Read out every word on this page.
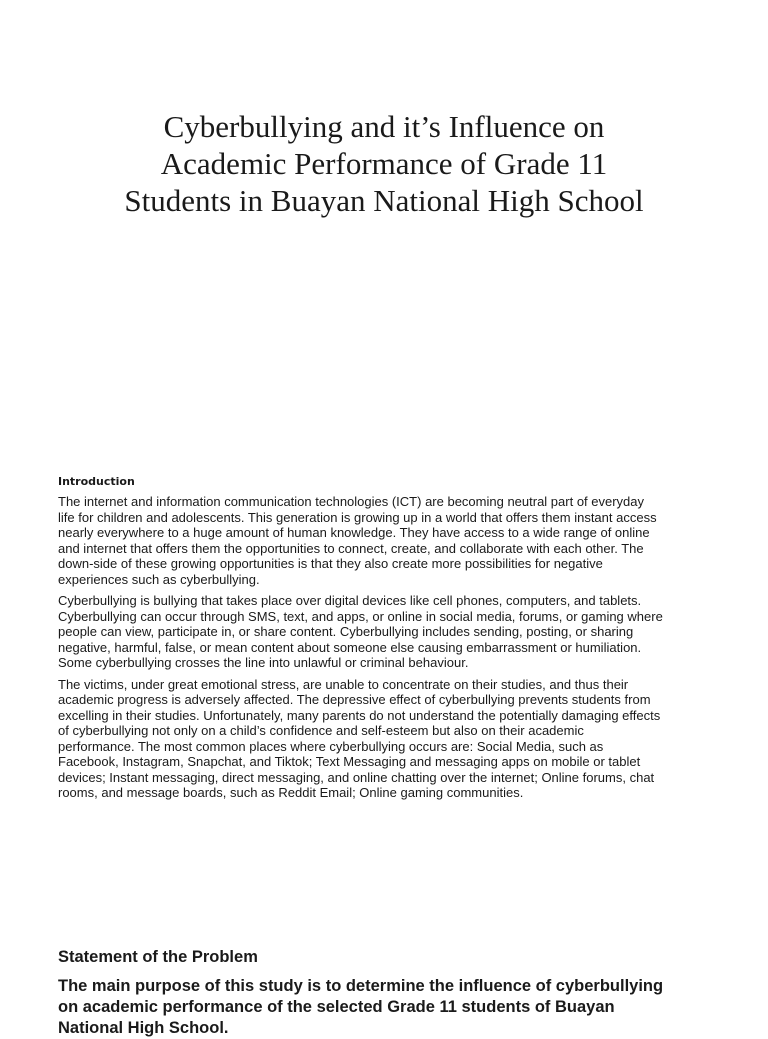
Cyberbullying and it’s Influence on
Academic Performance of Grade 11
Students in Buayan National High School
Introduction

The internet and information communication technologies (ICT) are becoming neutral part of everyday
life for children and adolescents. This generation is growing up in a world that offers them instant access
nearly everywhere to a huge amount of human knowledge. They have access to a wide range of online
and internet that offers them the opportunities to connect, create, and collaborate with each other. The
down-side of these growing opportunities is that they also create more possibilities for negative
experiences such as cyberbullying.

Cyberbullying is bullying that takes place over digital devices like cell phones, computers, and tablets.
Cyberbullying can occur through SMS, text, and apps, or online in social media, forums, or gaming where
people can view, participate in, or share content. Cyberbullying includes sending, posting, or sharing
negative, harmful, false, or mean content about someone else causing embarrassment or humiliation.
Some cyberbullying crosses the line into unlawful or criminal behaviour.

The victims, under great emotional stress, are unable to concentrate on their studies, and thus their
academic progress is adversely affected. The depressive effect of cyberbullying prevents students from
excelling in their studies. Unfortunately, many parents do not understand the potentially damaging effects
of cyberbullying not only on a child’s confidence and self-esteem but also on their academic
performance. The most common places where cyberbullying occurs are: Social Media, such as
Facebook, Instagram, Snapchat, and Tiktok; Text Messaging and messaging apps on mobile or tablet
devices; Instant messaging, direct messaging, and online chatting over the internet; Online forums, chat
rooms, and message boards, such as Reddit Email; Online gaming communities.

Statement of the Problem

The main purpose of this study is to determine the influence of cyberbullying
on academic performance of the selected Grade 11 students of Buayan
National High School.
